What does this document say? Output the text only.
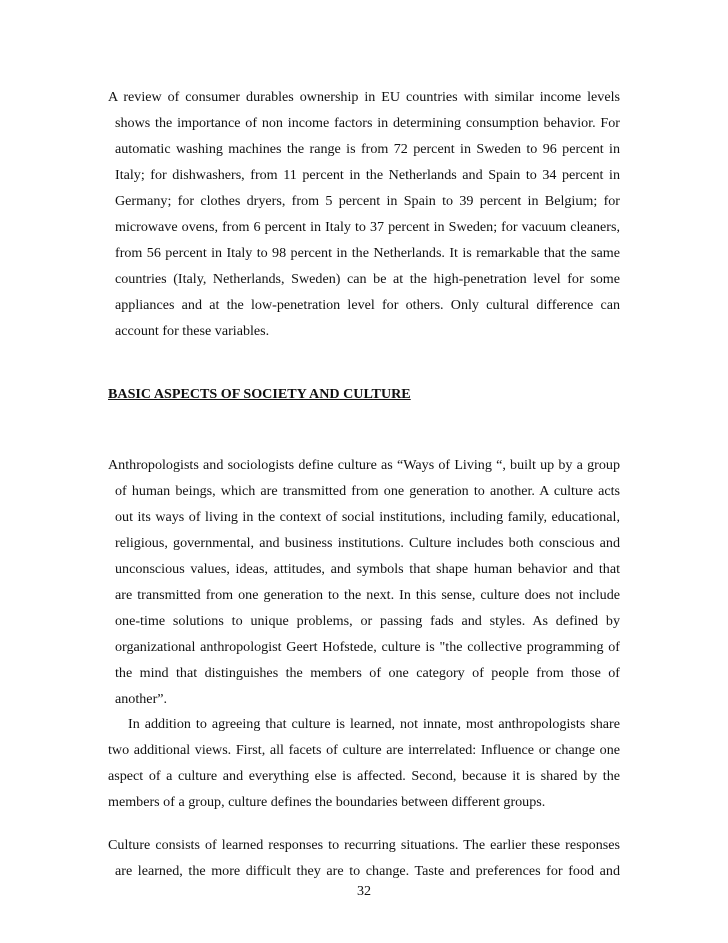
A review of consumer durables ownership in EU countries with similar income levels
shows the importance of non income factors in determining consumption behavior. For
automatic washing machines the range is from 72 percent in Sweden to 96 percent in
Italy; for dishwashers, from 11 percent in the Netherlands and Spain to 34 percent in
Germany; for clothes dryers, from 5 percent in Spain to 39 percent in Belgium; for
microwave ovens, from 6 percent in Italy to 37 percent in Sweden; for vacuum cleaners,
from 56 percent in Italy to 98 percent in the Netherlands. It is remarkable that the same
countries (Italy, Netherlands, Sweden) can be at the high-penetration level for some
appliances and at the low-penetration level for others. Only cultural difference can
account for these variables.
BASIC ASPECTS OF SOCIETY AND CULTURE
Anthropologists and sociologists define culture as “Ways of Living “, built up by a group
of human beings, which are transmitted from one generation to another. A culture acts
out its ways of living in the context of social institutions, including family, educational,
religious, governmental, and business institutions. Culture includes both conscious and
unconscious values, ideas, attitudes, and symbols that shape human behavior and that
are transmitted from one generation to the next. In this sense, culture does not include
one-time solutions to unique problems, or passing fads and styles. As defined by
organizational anthropologist Geert Hofstede, culture is "the collective programming of
the mind that distinguishes the members of one category of people from those of
another”.
In addition to agreeing that culture is learned, not innate, most anthropologists share
two additional views. First, all facets of culture are interrelated: Influence or change one
aspect of a culture and everything else is affected. Second, because it is shared by the
members of a group, culture defines the boundaries between different groups.
Culture consists of learned responses to recurring situations. The earlier these responses
are learned, the more difficult they are to change. Taste and preferences for food and
32
